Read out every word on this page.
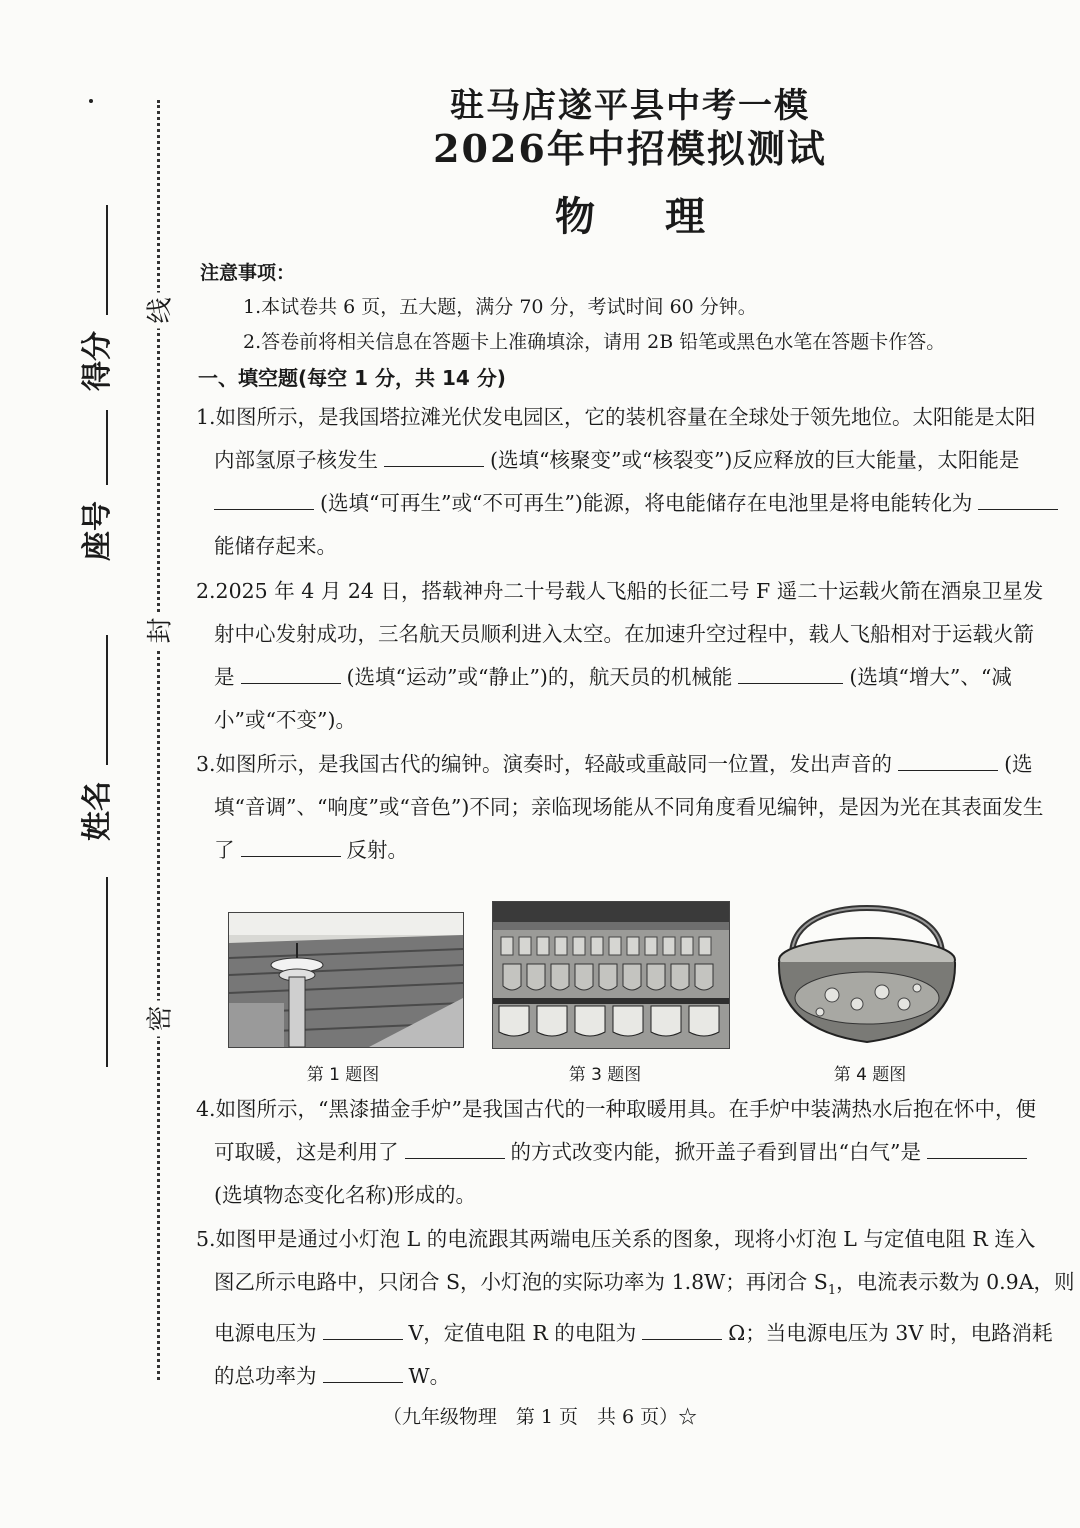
线
封
密
得分
座号
姓名
驻马店遂平县中考一模
2026年中招模拟测试
物理
注意事项：
1.本试卷共 6 页，五大题，满分 70 分，考试时间 60 分钟。
2.答卷前将相关信息在答题卡上准确填涂，请用 2B 铅笔或黑色水笔在答题卡作答。
一、填空题(每空 1 分，共 14 分)
1.如图所示，是我国塔拉滩光伏发电园区，它的装机容量在全球处于领先地位。太阳能是太阳
内部氢原子核发生	(选填“核聚变”或“核裂变”)反应释放的巨大能量，太阳能是
(选填“可再生”或“不可再生”)能源，将电能储存在电池里是将电能转化为
能储存起来。
2.2025 年 4 月 24 日，搭载神舟二十号载人飞船的长征二号 F 遥二十运载火箭在酒泉卫星发
射中心发射成功，三名航天员顺利进入太空。在加速升空过程中，载人飞船相对于运载火箭
是	(选填“运动”或“静止”)的，航天员的机械能	(选填“增大”、“减
小”或“不变”)。
3.如图所示，是我国古代的编钟。演奏时，轻敲或重敲同一位置，发出声音的	(选
填“音调”、“响度”或“音色”)不同；亲临现场能从不同角度看见编钟，是因为光在其表面发生
了	反射。
第 1 题图	第 3 题图	第 4 题图
4.如图所示，“黑漆描金手炉”是我国古代的一种取暖用具。在手炉中装满热水后抱在怀中，便
可取暖，这是利用了	的方式改变内能，掀开盖子看到冒出“白气”是
(选填物态变化名称)形成的。
5.如图甲是通过小灯泡 L 的电流跟其两端电压关系的图象，现将小灯泡 L 与定值电阻 R 连入
图乙所示电路中，只闭合 S，小灯泡的实际功率为 1.8W；再闭合 $S_1$，电流表示数为 0.9A，则
电源电压为	V，定值电阻 R 的电阻为	Ω；当电源电压为 3V 时，电路消耗
的总功率为	W。
（九年级物理　第 1 页　共 6 页）☆
